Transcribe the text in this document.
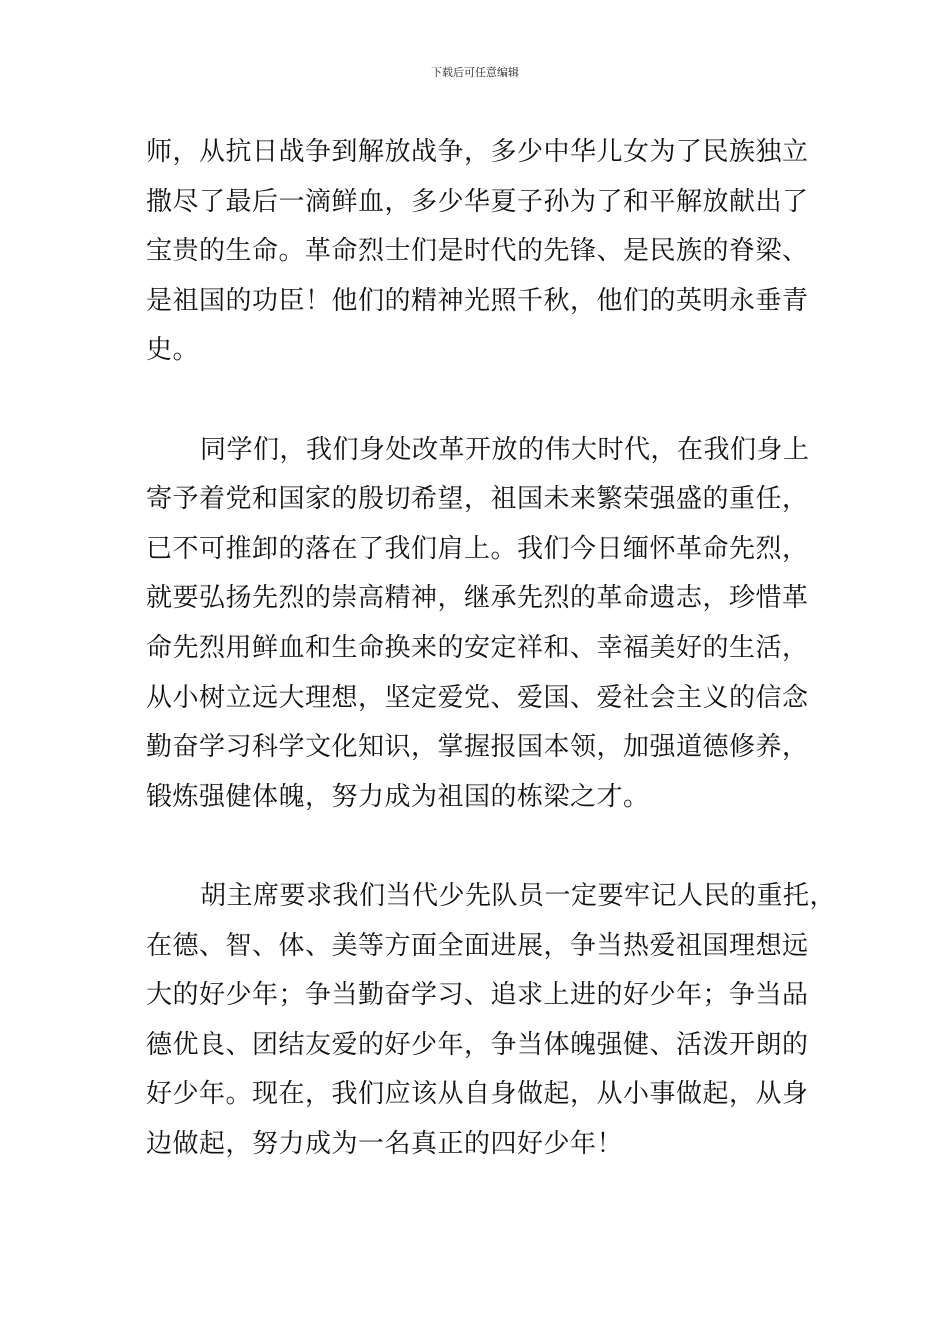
下载后可任意编辑
师，从抗日战争到解放战争，多少中华儿女为了民族独立
撒尽了最后一滴鲜血，多少华夏子孙为了和平解放献出了
宝贵的生命。革命烈士们是时代的先锋、是民族的脊梁、
是祖国的功臣！他们的精神光照千秋，他们的英明永垂青
史。
同学们，我们身处改革开放的伟大时代，在我们身上
寄予着党和国家的殷切希望，祖国未来繁荣强盛的重任，
已不可推卸的落在了我们肩上。我们今日缅怀革命先烈，
就要弘扬先烈的崇高精神，继承先烈的革命遗志，珍惜革
命先烈用鲜血和生命换来的安定祥和、幸福美好的生活，
从小树立远大理想，坚定爱党、爱国、爱社会主义的信念
勤奋学习科学文化知识，掌握报国本领，加强道德修养，
锻炼强健体魄，努力成为祖国的栋梁之才。
胡主席要求我们当代少先队员一定要牢记人民的重托，
在德、智、体、美等方面全面进展，争当热爱祖国理想远
大的好少年；争当勤奋学习、追求上进的好少年；争当品
德优良、团结友爱的好少年，争当体魄强健、活泼开朗的
好少年。现在，我们应该从自身做起，从小事做起，从身
边做起，努力成为一名真正的四好少年！
